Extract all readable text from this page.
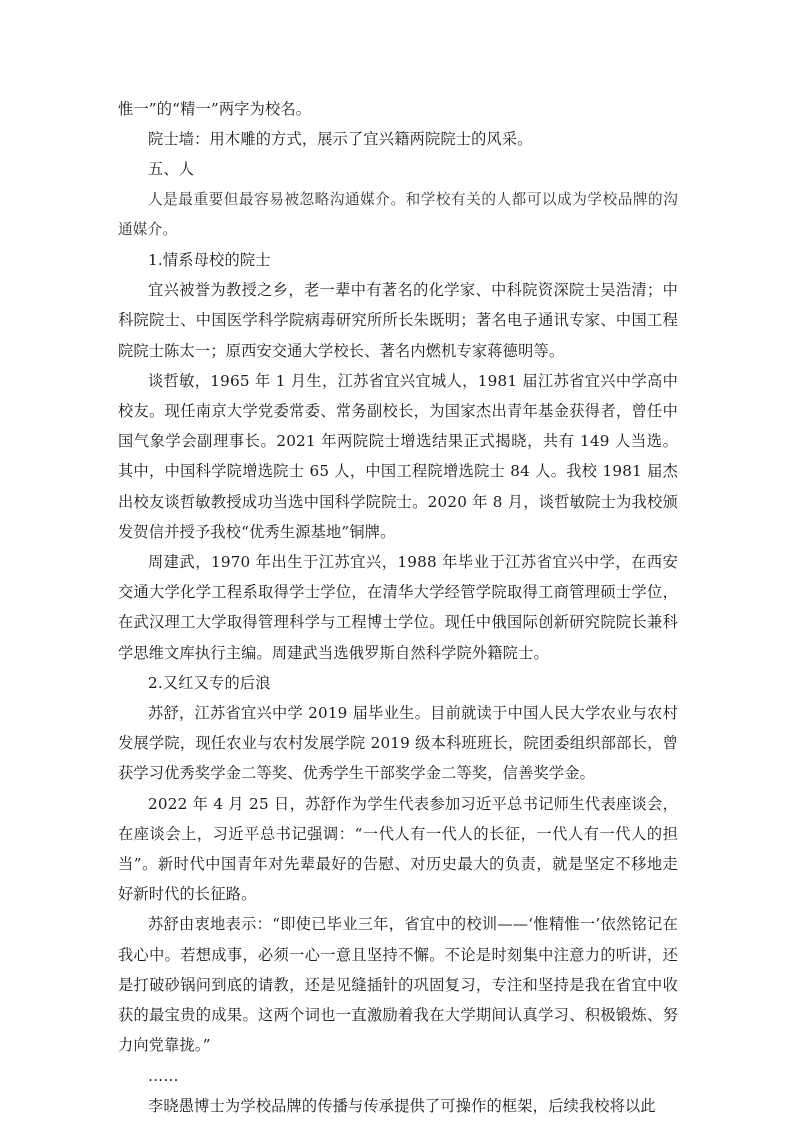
惟一”的“精一”两字为校名。

院士墙：用木雕的方式，展示了宜兴籍两院院士的风采。

五、人

人是最重要但最容易被忽略沟通媒介。和学校有关的人都可以成为学校品牌的沟通媒介。

1.情系母校的院士

宜兴被誉为教授之乡，老一辈中有著名的化学家、中科院资深院士吴浩清；中科院院士、中国医学科学院病毒研究所所长朱既明；著名电子通讯专家、中国工程院院士陈太一；原西安交通大学校长、著名内燃机专家蒋德明等。

谈哲敏，1965 年 1 月生，江苏省宜兴宜城人，1981 届江苏省宜兴中学高中校友。现任南京大学党委常委、常务副校长，为国家杰出青年基金获得者，曾任中国气象学会副理事长。2021 年两院院士增选结果正式揭晓，共有 149 人当选。其中，中国科学院增选院士 65 人，中国工程院增选院士 84 人。我校 1981 届杰出校友谈哲敏教授成功当选中国科学院院士。2020 年 8 月，谈哲敏院士为我校颁发贺信并授予我校“优秀生源基地”铜牌。

周建武，1970 年出生于江苏宜兴，1988 年毕业于江苏省宜兴中学，在西安交通大学化学工程系取得学士学位，在清华大学经管学院取得工商管理硕士学位，在武汉理工大学取得管理科学与工程博士学位。现任中俄国际创新研究院院长兼科学思维文库执行主编。周建武当选俄罗斯自然科学院外籍院士。

2.又红又专的后浪

苏舒，江苏省宜兴中学 2019 届毕业生。目前就读于中国人民大学农业与农村发展学院，现任农业与农村发展学院 2019 级本科班班长，院团委组织部部长，曾获学习优秀奖学金二等奖、优秀学生干部奖学金二等奖，信善奖学金。

2022 年 4 月 25 日，苏舒作为学生代表参加习近平总书记师生代表座谈会，在座谈会上，习近平总书记强调：“一代人有一代人的长征，一代人有一代人的担当”。新时代中国青年对先辈最好的告慰、对历史最大的负责，就是坚定不移地走好新时代的长征路。

苏舒由衷地表示：“即使已毕业三年，省宜中的校训——‘惟精惟一’依然铭记在我心中。若想成事，必须一心一意且坚持不懈。不论是时刻集中注意力的听讲，还是打破砂锅问到底的请教，还是见缝插针的巩固复习，专注和坚持是我在省宜中收获的最宝贵的成果。这两个词也一直激励着我在大学期间认真学习、积极锻炼、努力向党靠拢。”

……

李晓愚博士为学校品牌的传播与传承提供了可操作的框架，后续我校将以此
